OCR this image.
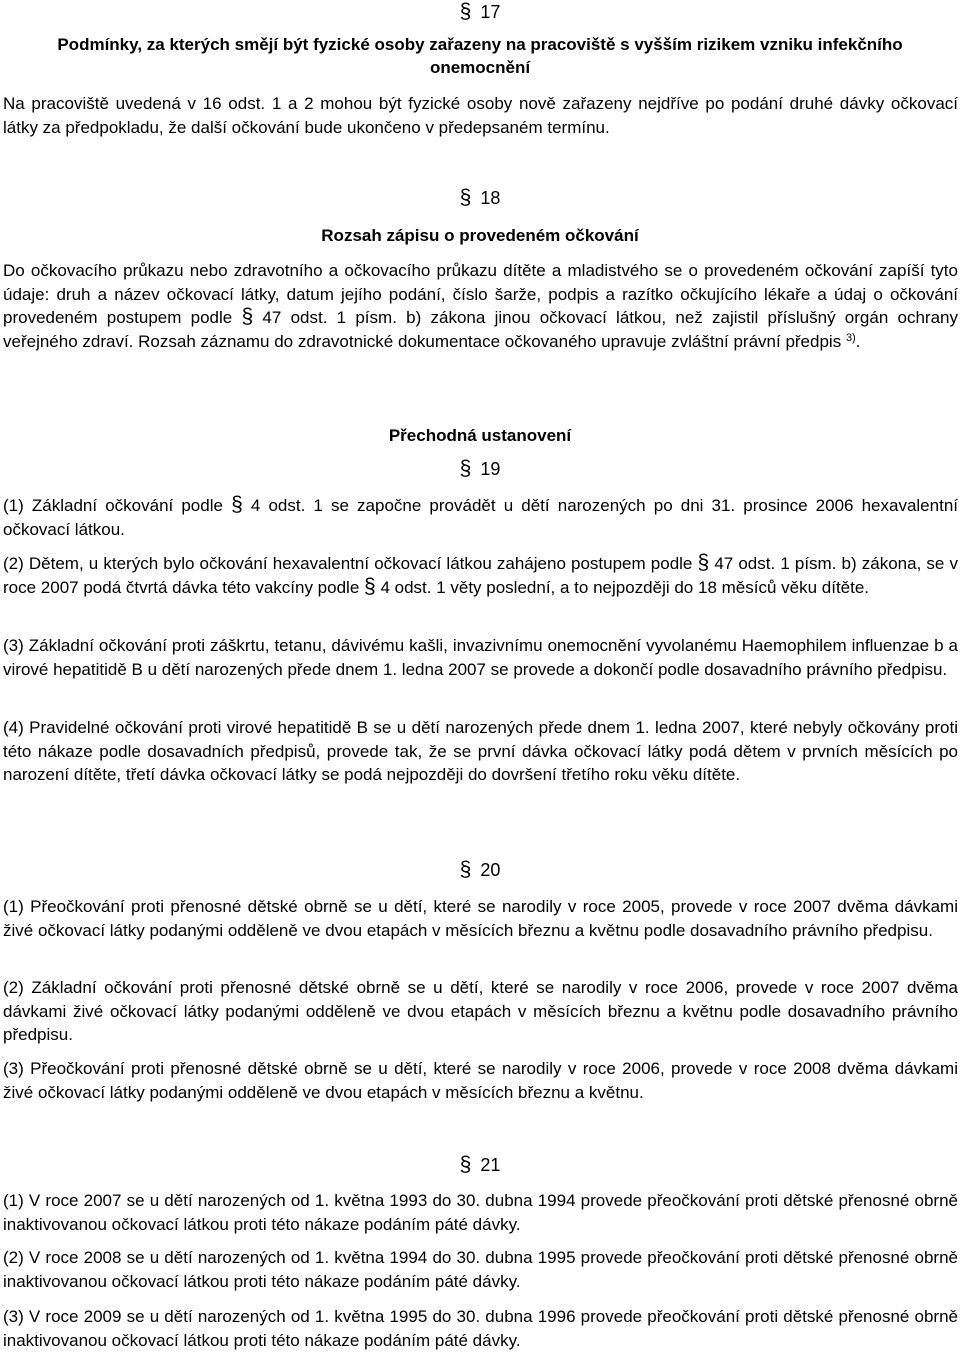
§ 17

Podmínky, za kterých smějí být fyzické osoby zařazeny na pracoviště s vyšším rizikem vzniku infekčního onemocnění

Na pracoviště uvedená v 16 odst. 1 a 2 mohou být fyzické osoby nově zařazeny nejdříve po podání druhé dávky očkovací látky za předpokladu, že další očkování bude ukončeno v předepsaném termínu.

§ 18

Rozsah zápisu o provedeném očkování

Do očkovacího průkazu nebo zdravotního a očkovacího průkazu dítěte a mladistvého se o provedeném očkování zapíší tyto údaje: druh a název očkovací látky, datum jejího podání, číslo šarže, podpis a razítko očkujícího lékaře a údaj o očkování provedeném postupem podle § 47 odst. 1 písm. b) zákona jinou očkovací látkou, než zajistil příslušný orgán ochrany veřejného zdraví. Rozsah záznamu do zdravotnické dokumentace očkovaného upravuje zvláštní právní předpis $^{3)}$.

Přechodná ustanovení

§ 19

(1) Základní očkování podle § 4 odst. 1 se započne provádět u dětí narozených po dni 31. prosince 2006 hexavalentní očkovací látkou.

(2) Dětem, u kterých bylo očkování hexavalentní očkovací látkou zahájeno postupem podle § 47 odst. 1 písm. b) zákona, se v roce 2007 podá čtvrtá dávka této vakcíny podle § 4 odst. 1 věty poslední, a to nejpozději do 18 měsíců věku dítěte.

(3) Základní očkování proti záškrtu, tetanu, dávivému kašli, invazivnímu onemocnění vyvolanému Haemophilem influenzae b a virové hepatitidě B u dětí narozených přede dnem 1. ledna 2007 se provede a dokončí podle dosavadního právního předpisu.

(4) Pravidelné očkování proti virové hepatitidě B se u dětí narozených přede dnem 1. ledna 2007, které nebyly očkovány proti této nákaze podle dosavadních předpisů, provede tak, že se první dávka očkovací látky podá dětem v prvních měsících po narození dítěte, třetí dávka očkovací látky se podá nejpozději do dovršení třetího roku věku dítěte.

§ 20

(1) Přeočkování proti přenosné dětské obrně se u dětí, které se narodily v roce 2005, provede v roce 2007 dvěma dávkami živé očkovací látky podanými odděleně ve dvou etapách v měsících březnu a květnu podle dosavadního právního předpisu.

(2) Základní očkování proti přenosné dětské obrně se u dětí, které se narodily v roce 2006, provede v roce 2007 dvěma dávkami živé očkovací látky podanými odděleně ve dvou etapách v měsících březnu a květnu podle dosavadního právního předpisu.

(3) Přeočkování proti přenosné dětské obrně se u dětí, které se narodily v roce 2006, provede v roce 2008 dvěma dávkami živé očkovací látky podanými odděleně ve dvou etapách v měsících březnu a květnu.

§ 21

(1) V roce 2007 se u dětí narozených od 1. května 1993 do 30. dubna 1994 provede přeočkování proti dětské přenosné obrně inaktivovanou očkovací látkou proti této nákaze podáním páté dávky.

(2) V roce 2008 se u dětí narozených od 1. května 1994 do 30. dubna 1995 provede přeočkování proti dětské přenosné obrně inaktivovanou očkovací látkou proti této nákaze podáním páté dávky.

(3) V roce 2009 se u dětí narozených od 1. května 1995 do 30. dubna 1996 provede přeočkování proti dětské přenosné obrně inaktivovanou očkovací látkou proti této nákaze podáním páté dávky.
